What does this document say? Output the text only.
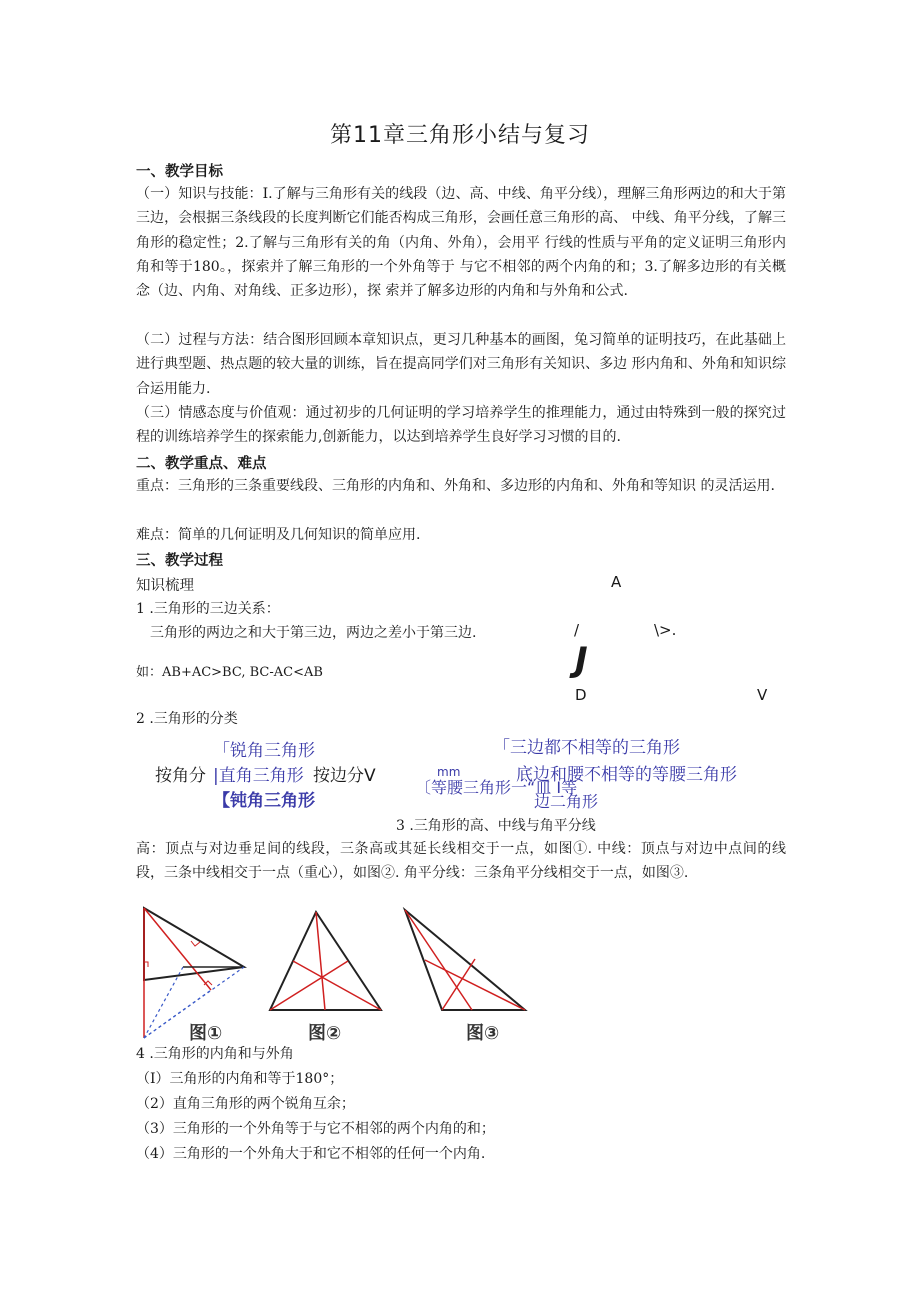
第11章三角形小结与复习
一、教学目标
（一）知识与技能：I.了解与三角形有关的线段（边、高、中线、角平分线），理解三角形两边的和大于第三边，会根据三条线段的长度判断它们能否构成三角形，会画任意三角形的高、 中线、角平分线，了解三角形的稳定性；2.了解与三角形有关的角（内角、外角），会用平 行线的性质与平角的定义证明三角形内角和等于180。，探索并了解三角形的一个外角等于 与它不相邻的两个内角的和；3.了解多边形的有关概念（边、内角、对角线、正多边形），探 索并了解多边形的内角和与外角和公式.
（二）过程与方法：结合图形回顾本章知识点，更习几种基本的画图，兔习简单的证明技巧，在此基础上进行典型题、热点题的较大量的训练，旨在提高同学们对三角形有关知识、多边 形内角和、外角和知识综合运用能力.
（三）情感态度与价值观：通过初步的几何证明的学习培养学生的推理能力，通过由特殊到一般的探究过程的训练培养学生的探索能力,创新能力，以达到培养学生良好学习习惯的目的.
二、教学重点、难点
重点：三角形的三条重要线段、三角形的内角和、外角和、多边形的内角和、外角和等知识 的灵活运用.
难点：简单的几何证明及几何知识的简单应用.
三、教学过程
知识梳理
1 .三角形的三边关系：
三角形的两边之和大于第三边，两边之差小于第三边.
如：AB+AC>BC, BC-AC<AB
A
/	\>.
J
D	V
2 .三角形的分类
「锐角三角形
按角分 |直角三角形 按边分V
【钝角三角形
「三边都不相等的三角形
mm	底边和腰不相等的等腰三角形
〔等腰三角形一“皿 I等
边二角形
3 .三角形的高、中线与角平分线
高：顶点与对边垂足间的线段，三条高或其延长线相交于一点，如图①. 中线：顶点与对边中点间的线段，三条中线相交于一点（重心），如图②. 角平分线：三条角平分线相交于一点，如图③.
图①	图②	图③
4 .三角形的内角和与外角
（I）三角形的内角和等于180°；
（2）直角三角形的两个锐角互余；
（3）三角形的一个外角等于与它不相邻的两个内角的和；
（4）三角形的一个外角大于和它不相邻的任何一个内角.
